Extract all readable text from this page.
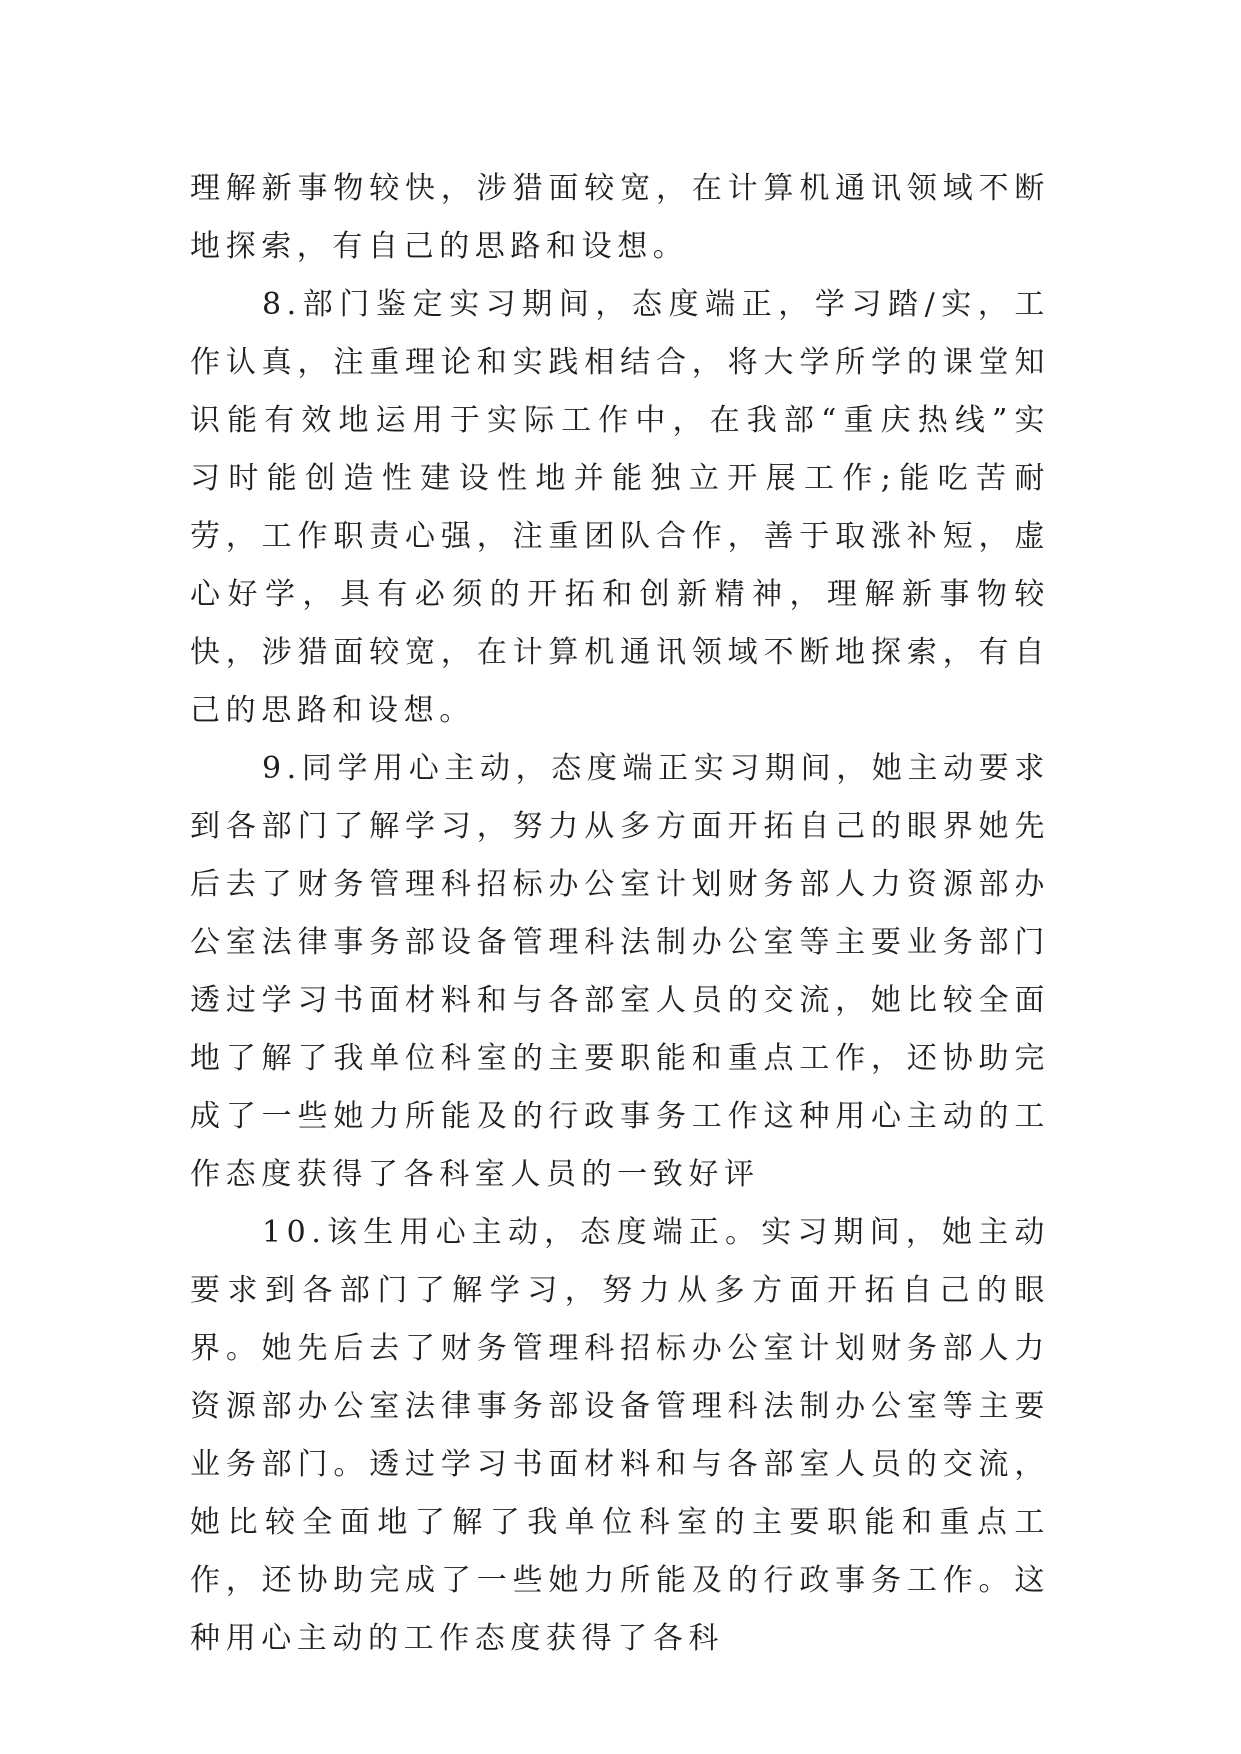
理解新事物较快，涉猎面较宽，在计算机通讯领域不断地探索，有自己的思路和设想。

8.部门鉴定实习期间，态度端正，学习踏/实，工作认真，注重理论和实践相结合，将大学所学的课堂知识能有效地运用于实际工作中，在我部“重庆热线”实习时能创造性建设性地并能独立开展工作;能吃苦耐劳，工作职责心强，注重团队合作，善于取涨补短，虚心好学，具有必须的开拓和创新精神，理解新事物较快，涉猎面较宽，在计算机通讯领域不断地探索，有自己的思路和设想。

9.同学用心主动，态度端正实习期间，她主动要求到各部门了解学习，努力从多方面开拓自己的眼界她先后去了财务管理科招标办公室计划财务部人力资源部办公室法律事务部设备管理科法制办公室等主要业务部门透过学习书面材料和与各部室人员的交流，她比较全面地了解了我单位科室的主要职能和重点工作，还协助完成了一些她力所能及的行政事务工作这种用心主动的工作态度获得了各科室人员的一致好评

10.该生用心主动，态度端正。实习期间，她主动要求到各部门了解学习，努力从多方面开拓自己的眼界。她先后去了财务管理科招标办公室计划财务部人力资源部办公室法律事务部设备管理科法制办公室等主要业务部门。透过学习书面材料和与各部室人员的交流，她比较全面地了解了我单位科室的主要职能和重点工作，还协助完成了一些她力所能及的行政事务工作。这种用心主动的工作态度获得了各科
